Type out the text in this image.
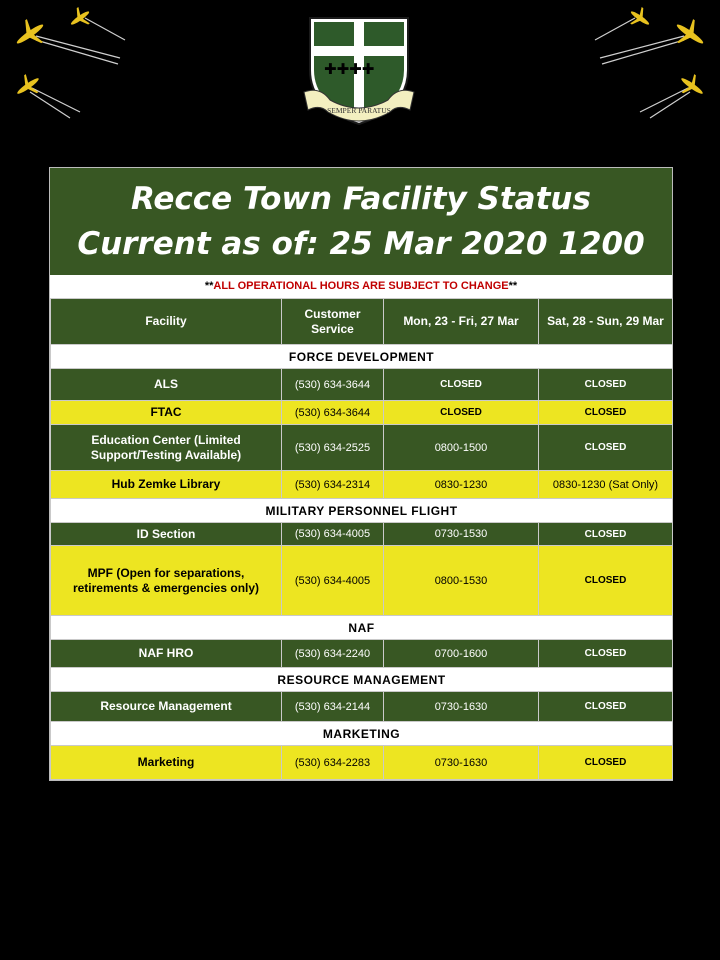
✚✚✚✚
SEMPER PARATUS
Recce Town Facility Status
Current as of: 25 Mar 2020 1200
**ALL OPERATIONAL HOURS ARE SUBJECT TO CHANGE**
Facility	Customer Service	Mon, 23 - Fri, 27 Mar	Sat, 28 - Sun, 29 Mar
FORCE DEVELOPMENT			
ALS	(530) 634-3644	CLOSED	CLOSED
FTAC	(530) 634-3644	CLOSED	CLOSED
Education Center (Limited Support/Testing Available)	(530) 634-2525	0800-1500	CLOSED
Hub Zemke Library	(530) 634-2314	0830-1230	0830-1230 (Sat Only)
MILITARY PERSONNEL FLIGHT			
ID Section	(530) 634-4005	0730-1530	CLOSED
MPF (Open for separations, retirements & emergencies only)	(530) 634-4005	0800-1530	CLOSED
NAF			
NAF HRO	(530) 634-2240	0700-1600	CLOSED
RESOURCE MANAGEMENT			
Resource Management	(530) 634-2144	0730-1630	CLOSED
MARKETING			
Marketing	(530) 634-2283	0730-1630	CLOSED
